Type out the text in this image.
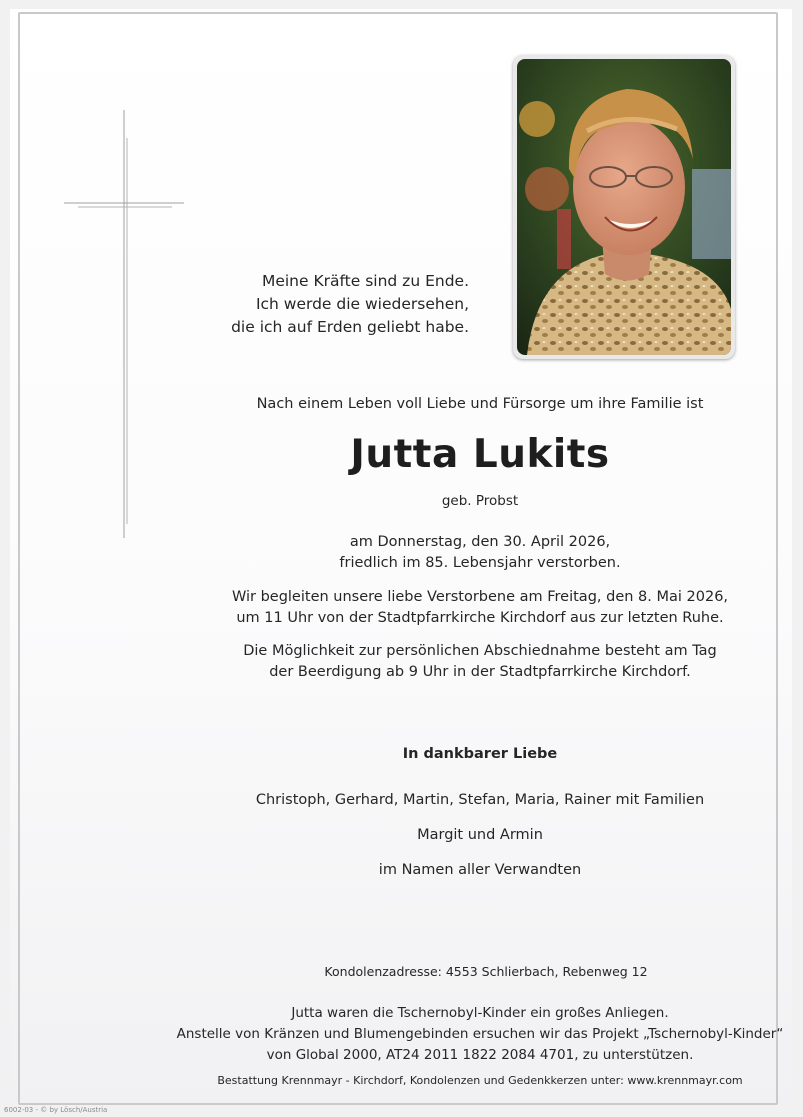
Meine Kräfte sind zu Ende.
Ich werde die wiedersehen,
die ich auf Erden geliebt habe.
Nach einem Leben voll Liebe und Fürsorge um ihre Familie ist
Jutta Lukits
geb. Probst
am Donnerstag, den 30. April 2026,
friedlich im 85. Lebensjahr verstorben.
Wir begleiten unsere liebe Verstorbene am Freitag, den 8. Mai 2026,
um 11 Uhr von der Stadtpfarrkirche Kirchdorf aus zur letzten Ruhe.
Die Möglichkeit zur persönlichen Abschiednahme besteht am Tag
der Beerdigung ab 9 Uhr in der Stadtpfarrkirche Kirchdorf.
In dankbarer Liebe
Christoph, Gerhard, Martin, Stefan, Maria, Rainer mit Familien
Margit und Armin
im Namen aller Verwandten
Kondolenzadresse: 4553 Schlierbach, Rebenweg 12
Jutta waren die Tschernobyl-Kinder ein großes Anliegen.
Anstelle von Kränzen und Blumengebinden ersuchen wir das Projekt „Tschernobyl-Kinder“
von Global 2000, AT24 2011 1822 2084 4701, zu unterstützen.
Bestattung Krennmayr - Kirchdorf, Kondolenzen und Gedenkkerzen unter: www.krennmayr.com
6002-03 - © by Lösch/Austria
